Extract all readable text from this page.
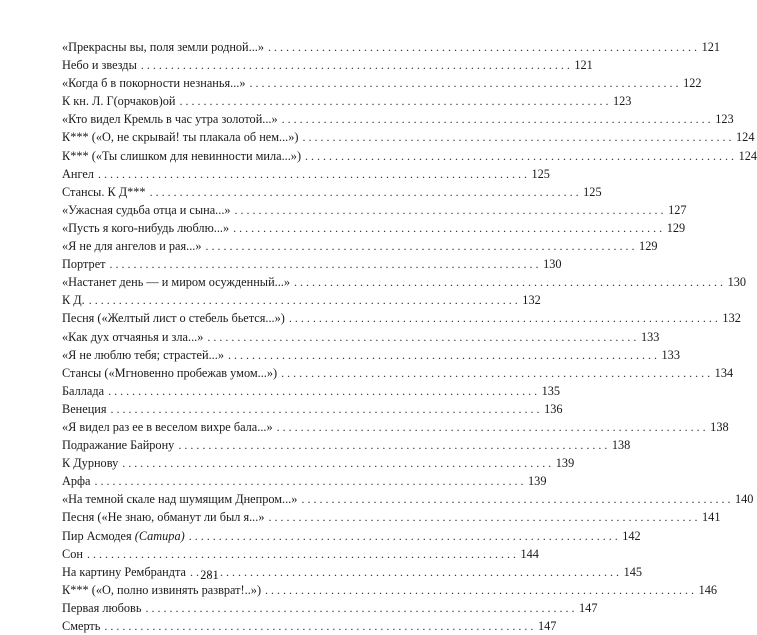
«Прекрасны вы, поля земли родной...» . . .	121
Небо и звезды . . .	121
«Когда б в покорности незнанья...» . . .	122
К кн. Л. Г(орчаков)ой . . .	123
«Кто видел Кремль в час утра золотой...» . . .	123
К*** («О, не скрывай! ты плакала об нем...») . . .	124
К*** («Ты слишком для невинности мила...») . . .	124
Ангел . . .	125
Стансы. К Д*** . . .	125
«Ужасная судьба отца и сына...» . . .	127
«Пусть я кого-нибудь люблю...» . . .	129
«Я не для ангелов и рая...» . . .	129
Портрет . . .	130
«Настанет день — и миром осужденный...» . . .	130
К Д. . . .	132
Песня («Желтый лист о стебель бьется...») . . .	132
«Как дух отчаянья и зла...» . . .	133
«Я не люблю тебя; страстей...» . . .	133
Стансы («Мгновенно пробежав умом...») . . .	134
Баллада . . .	135
Венеция . . .	136
«Я видел раз ее в веселом вихре бала...» . . .	138
Подражание Байрону . . .	138
К Дурнову . . .	139
Арфа . . .	139
«На темной скале над шумящим Днепром...» . . .	140
Песня («Не знаю, обманут ли был я...» . . .	141
Пир Асмодея (Сатира) . . .	142
Сон . . .	144
На картину Рембрандта . . .	145
К*** («О, полно извинять разврат!..») . . .	146
Первая любовь . . .	147
Смерть . . .	147
281
